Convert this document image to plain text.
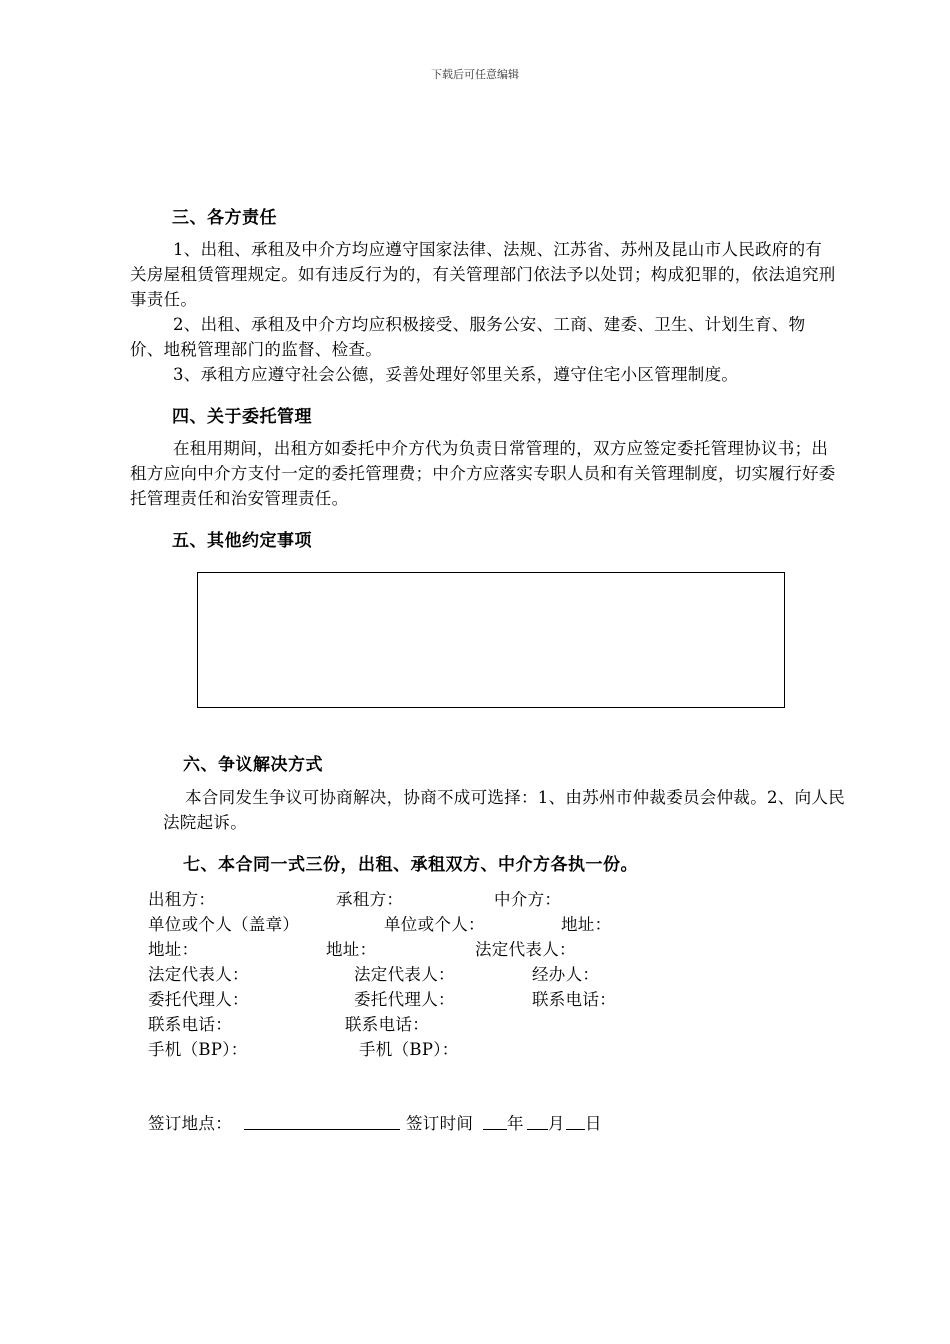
下载后可任意编辑
三、各方责任

1、出租、承租及中介方均应遵守国家法律、法规、江苏省、苏州及昆山市人民政府的有关房屋租赁管理规定。如有违反行为的，有关管理部门依法予以处罚；构成犯罪的，依法追究刑事责任。

2、出租、承租及中介方均应积极接受、服务公安、工商、建委、卫生、计划生育、物价、地税管理部门的监督、检查。

3、承租方应遵守社会公德，妥善处理好邻里关系，遵守住宅小区管理制度。

四、关于委托管理

在租用期间，出租方如委托中介方代为负责日常管理的，双方应签定委托管理协议书；出租方应向中介方支付一定的委托管理费；中介方应落实专职人员和有关管理制度，切实履行好委托管理责任和治安管理责任。

五、其他约定事项
六、争议解决方式

本合同发生争议可协商解决，协商不成可选择：1、由苏州市仲裁委员会仲裁。2、向人民法院起诉。

七、本合同一式三份，出租、承租双方、中介方各执一份。
出租方：
单位或个人（盖章）
地址：
法定代表人：
委托代理人：
联系电话：
手机（BP）：
承租方：
单位或个人：
地址：
法定代表人：
委托代理人：
联系电话：
手机（BP）：
中介方：
地址：
法定代表人：
经办人：
联系电话：
签订地点：	签订时间 年 月 日
